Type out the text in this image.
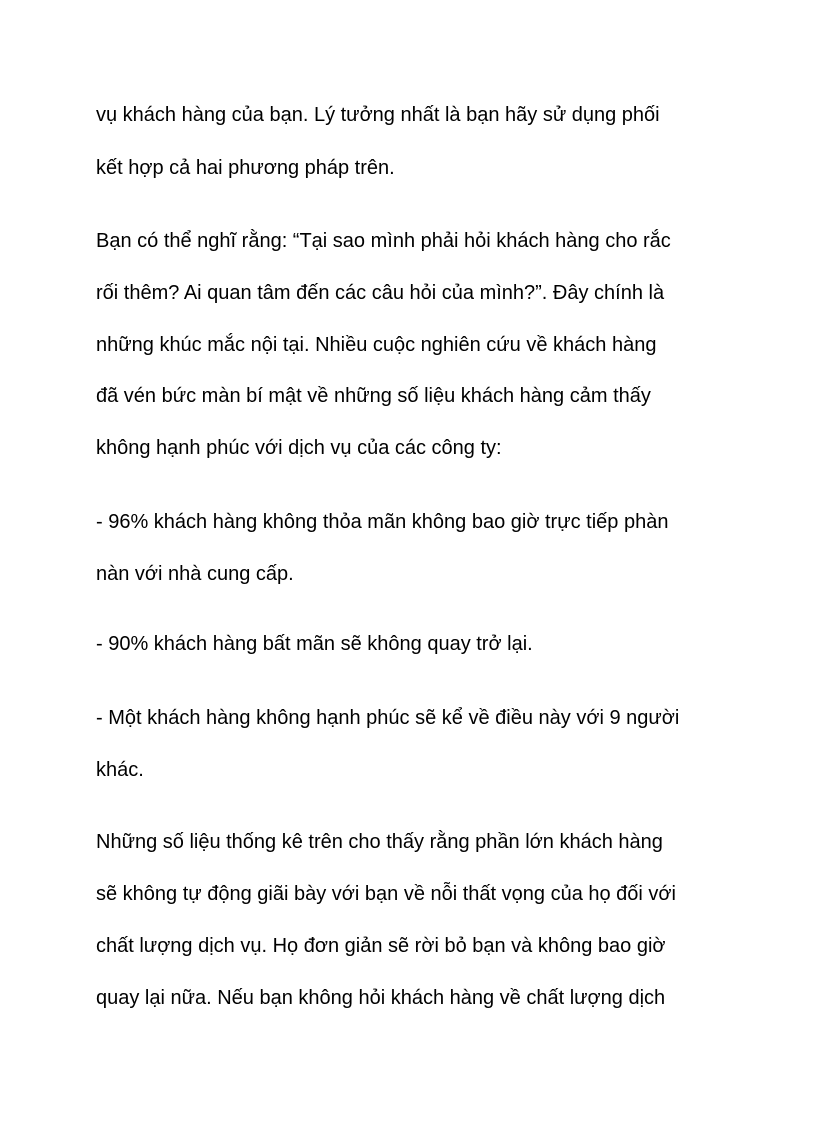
vụ khách hàng của bạn. Lý tưởng nhất là bạn hãy sử dụng phối
kết hợp cả hai phương pháp trên.
Bạn có thể nghĩ rằng: “Tại sao mình phải hỏi khách hàng cho rắc
rối thêm? Ai quan tâm đến các câu hỏi của mình?”. Đây chính là
những khúc mắc nội tại. Nhiều cuộc nghiên cứu về khách hàng
đã vén bức màn bí mật về những số liệu khách hàng cảm thấy
không hạnh phúc với dịch vụ của các công ty:
- 96% khách hàng không thỏa mãn không bao giờ trực tiếp phàn
nàn với nhà cung cấp.
- 90% khách hàng bất mãn sẽ không quay trở lại.
- Một khách hàng không hạnh phúc sẽ kể về điều này với 9 người
khác.
Những số liệu thống kê trên cho thấy rằng phần lớn khách hàng
sẽ không tự động giãi bày với bạn về nỗi thất vọng của họ đối với
chất lượng dịch vụ. Họ đơn giản sẽ rời bỏ bạn và không bao giờ
quay lại nữa. Nếu bạn không hỏi khách hàng về chất lượng dịch
